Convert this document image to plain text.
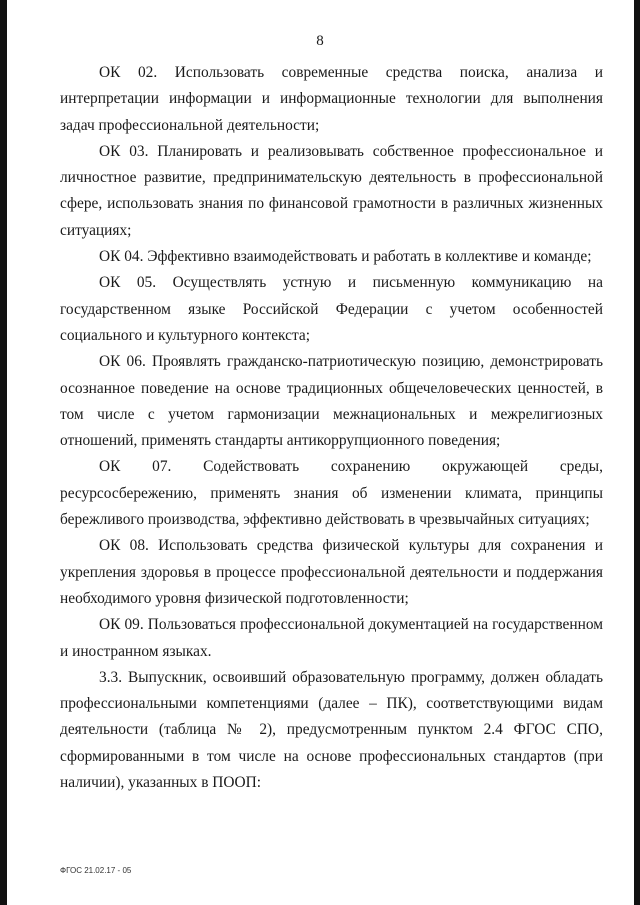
8

ОК 02. Использовать современные средства поиска, анализа и интерпретации информации и информационные технологии для выполнения задач профессиональной деятельности;

ОК 03. Планировать и реализовывать собственное профессиональное и личностное развитие, предпринимательскую деятельность в профессиональной сфере, использовать знания по финансовой грамотности в различных жизненных ситуациях;

ОК 04. Эффективно взаимодействовать и работать в коллективе и команде;

ОК 05. Осуществлять устную и письменную коммуникацию на государственном языке Российской Федерации с учетом особенностей социального и культурного контекста;

ОК 06. Проявлять гражданско-патриотическую позицию, демонстрировать осознанное поведение на основе традиционных общечеловеческих ценностей, в том числе с учетом гармонизации межнациональных и межрелигиозных отношений, применять стандарты антикоррупционного поведения;

ОК 07. Содействовать сохранению окружающей среды, ресурсосбережению, применять знания об изменении климата, принципы бережливого производства, эффективно действовать в чрезвычайных ситуациях;

ОК 08. Использовать средства физической культуры для сохранения и укрепления здоровья в процессе профессиональной деятельности и поддержания необходимого уровня физической подготовленности;

ОК 09. Пользоваться профессиональной документацией на государственном и иностранном языках.

3.3. Выпускник, освоивший образовательную программу, должен обладать профессиональными компетенциями (далее – ПК), соответствующими видам деятельности (таблица № 2), предусмотренным пунктом 2.4 ФГОС СПО, сформированными в том числе на основе профессиональных стандартов (при наличии), указанных в ПООП:

ФГОС 21.02.17 - 05
